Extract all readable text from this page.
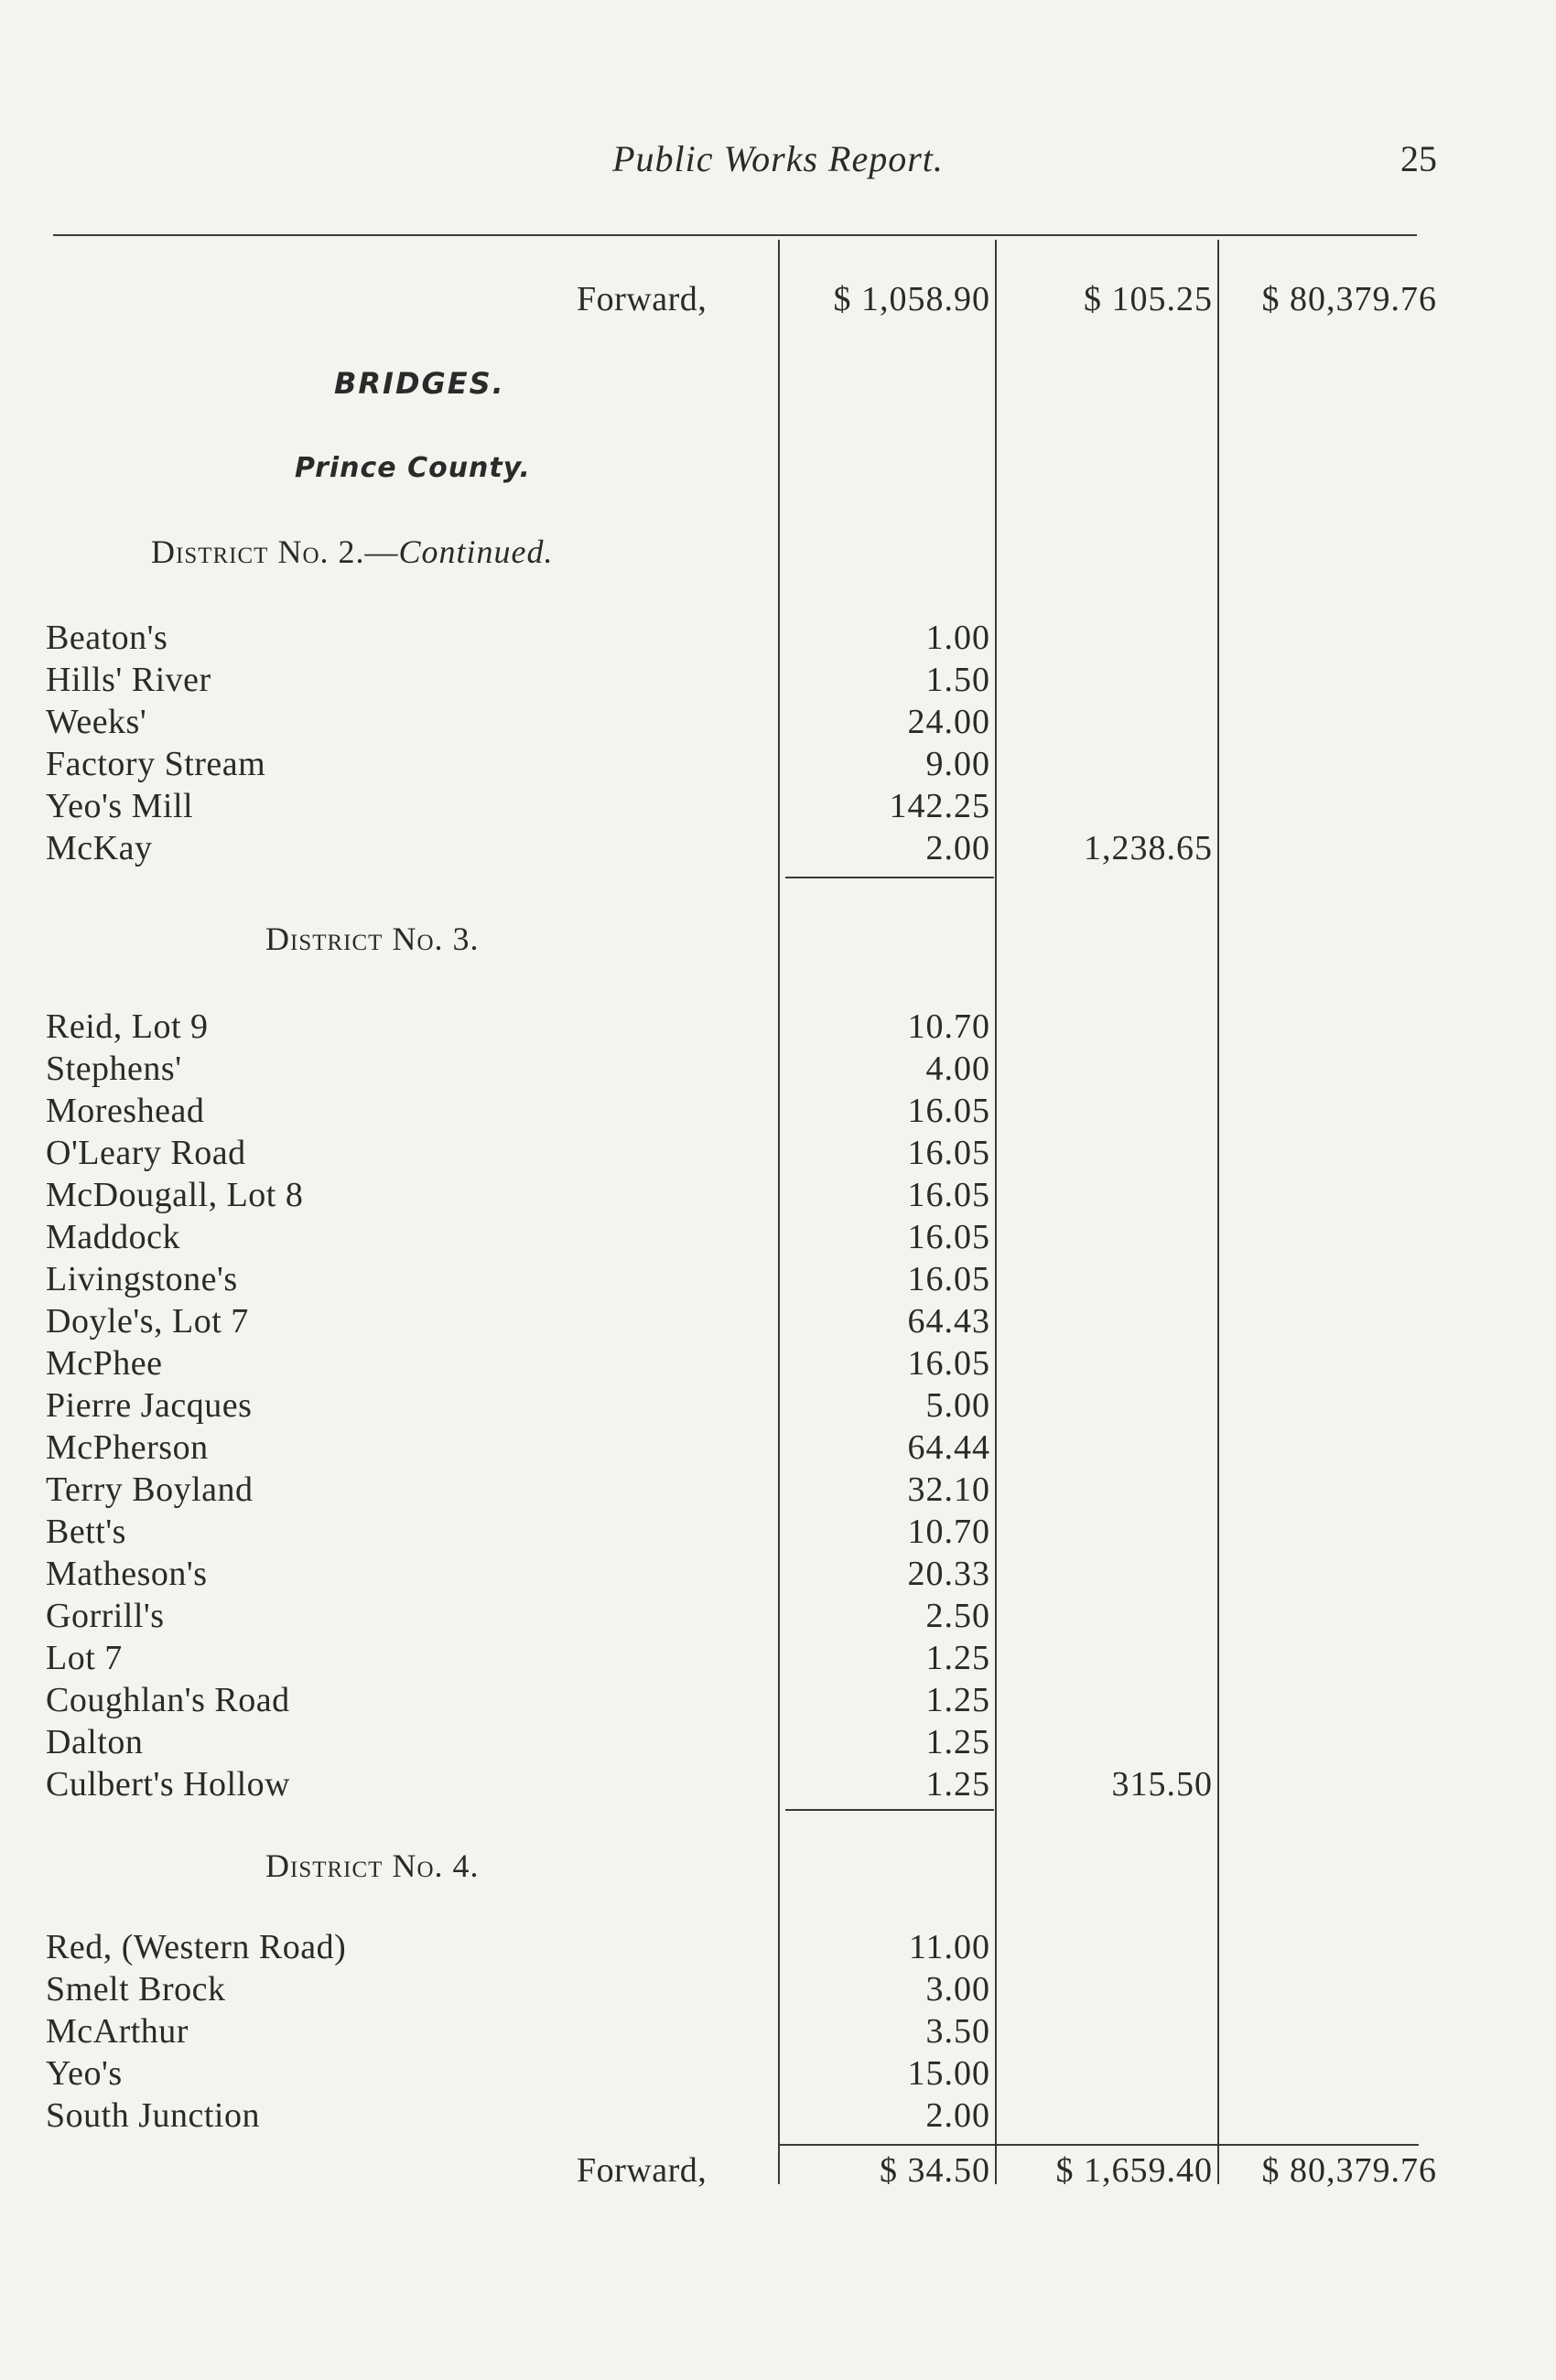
Public Works Report.	25
Forward,	$ 1,058.90	$ 105.25	$ 80,379.76
BRIDGES.
Prince County.
District No. 2.—Continued.
Beaton's	1.00
Hills' River	1.50
Weeks'	24.00
Factory Stream	9.00
Yeo's Mill	142.25
McKay	2.00	1,238.65
District No. 3.
Reid, Lot 9	10.70
Stephens'	4.00
Moreshead	16.05
O'Leary Road	16.05
McDougall, Lot 8	16.05
Maddock	16.05
Livingstone's	16.05
Doyle's, Lot 7	64.43
McPhee	16.05
Pierre Jacques	5.00
McPherson	64.44
Terry Boyland	32.10
Bett's	10.70
Matheson's	20.33
Gorrill's	2.50
Lot 7	1.25
Coughlan's Road	1.25
Dalton	1.25
Culbert's Hollow	1.25	315.50
District No. 4.
Red, (Western Road)	11.00
Smelt Brock	3.00
McArthur	3.50
Yeo's	15.00
South Junction	2.00
Forward,	$ 34.50	$ 1,659.40	$ 80,379.76
